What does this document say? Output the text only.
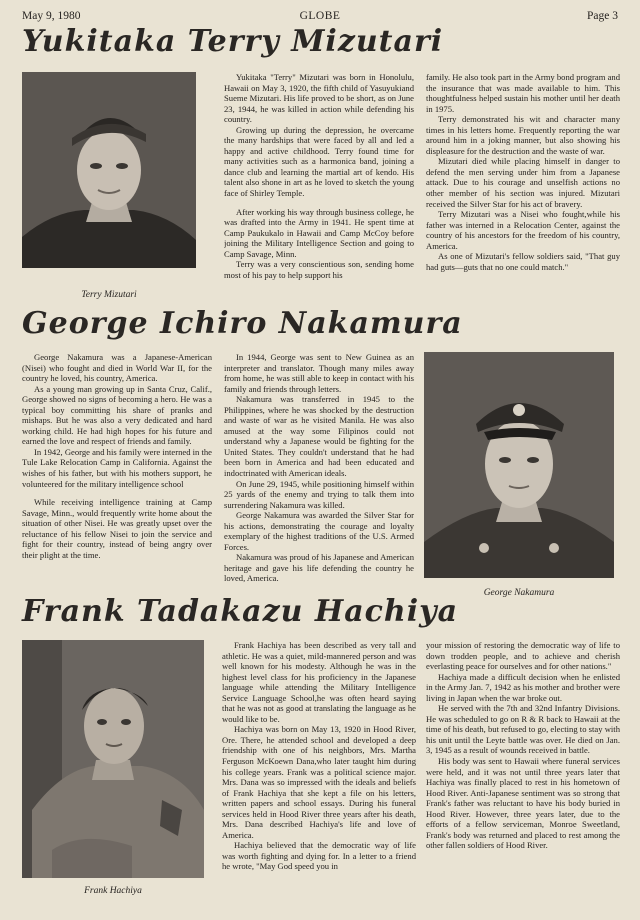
May 9, 1980	GLOBE	Page 3
Yukitaka Terry Mizutari
Terry Mizutari

Yukitaka "Terry" Mizutari was born in Honolulu, Hawaii on May 3, 1920, the fifth child of Yasuyukiand Sueme Mizutari. His life proved to be short, as on June 23, 1944, he was killed in action while defending his country.

Growing up during the depression, he overcame the many hardships that were faced by all and led a happy and active childhood. Terry found time for many activities such as a harmonica band, joining a dance club and learning the martial art of kendo. His talent also shone in art as he loved to sketch the young face of Shirley Temple.

After working his way through business college, he was drafted into the Army in 1941. He spent time at Camp Paukukalo in Hawaii and Camp McCoy before joining the Military Intelligence Section and going to Camp Savage, Minn.

Terry was a very conscientious son, sending home most of his pay to help support his

family. He also took part in the Army bond program and the insurance that was made available to him. This thoughtfulness helped sustain his mother until her death in 1975.

Terry demonstrated his wit and character many times in his letters home. Frequently reporting the war around him in a joking manner, but also showing his displeasure for the destruction and the waste of war.

Mizutari died while placing himself in danger to defend the men serving under him from a Japanese attack. Due to his courage and unselfish actions no other member of his section was injured. Mizutari received the Silver Star for his act of bravery.

Terry Mizutari was a Nisei who fought,while his father was interned in a Relocation Center, against the country of his ancestors for the freedom of his country, America.

As one of Mizutari's fellow soldiers said, "That guy had guts—guts that no one could match."

George Ichiro Nakamura

George Nakamura was a Japanese-American (Nisei) who fought and died in World War II, for the country he loved, his country, America.

As a young man growing up in Santa Cruz, Calif., George showed no signs of becoming a hero. He was a typical boy committing his share of pranks and mishaps. But he was also a very dedicated and hard working child. He had high hopes for his future and earned the love and respect of friends and family.

In 1942, George and his family were interned in the Tule Lake Relocation Camp in California. Against the wishes of his father, but with his mothers support, he volunteered for the military intelligence school

While receiving intelligence training at Camp Savage, Minn., would frequently write home about the situation of other Nisei. He was greatly upset over the reluctance of his fellow Nisei to join the service and fight for their country, instead of being angry over their plight at the time.

In 1944, George was sent to New Guinea as an interpreter and translator. Though many miles away from home, he was still able to keep in contact with his family and friends through letters.

Nakamura was transferred in 1945 to the Philippines, where he was shocked by the destruction and waste of war as he visited Manila. He was also amused at the way some Filipinos could not understand why a Japanese would be fighting for the United States. They couldn't understand that he had been born in America and had been educated and indoctrinated with American ideals.

On June 29, 1945, while positioning himself within 25 yards of the enemy and trying to talk them into surrendering Nakamura was killed.

George Nakamura was awarded the Silver Star for his actions, demonstrating the courage and loyalty exemplary of the highest traditions of the U.S. Armed Forces.

Nakamura was proud of his Japanese and American heritage and gave his life defending the country he loved, America.

George Nakamura
Frank Tadakazu Hachiya
Frank Hachiya

Frank Hachiya has been described as very tall and athletic. He was a quiet, mild-mannered person and was well known for his modesty. Although he was in the highest level class for his proficiency in the Japanese language while attending the Military Intelligence Service Language School,he was often heard saying that he was not as good at translating the language as he would like to be.

Hachiya was born on May 13, 1920 in Hood River, Ore. There, he attended school and developed a deep friendship with one of his neighbors, Mrs. Martha Ferguson McKoewn Dana,who later taught him during his college years. Frank was a political science major. Mrs. Dana was so impressed with the ideals and beliefs of Frank Hachiya that she kept a file on his letters, written papers and school essays. During his funeral services held in Hood River three years after his death, Mrs. Dana described Hachiya's life and love of America.

Hachiya believed that the democratic way of life was worth fighting and dying for. In a letter to a friend he wrote, "May God speed you in

your mission of restoring the democratic way of life to down trodden people, and to achieve and cherish everlasting peace for ourselves and for other nations."

Hachiya made a difficult decision when he enlisted in the Army Jan. 7, 1942 as his mother and brother were living in Japan when the war broke out.

He served with the 7th and 32nd Infantry Divisions. He was scheduled to go on R & R back to Hawaii at the time of his death, but refused to go, electing to stay with his unit until the Leyte battle was over. He died on Jan. 3, 1945 as a result of wounds received in battle.

His body was sent to Hawaii where funeral services were held, and it was not until three years later that Hachiya was finally placed to rest in his hometown of Hood River. Anti-Japanese sentiment was so strong that Frank's father was reluctant to have his body buried in Hood River. However, three years later, due to the efforts of a fellow serviceman, Monroe Sweetland, Frank's body was returned and placed to rest among the other fallen soldiers of Hood River.
